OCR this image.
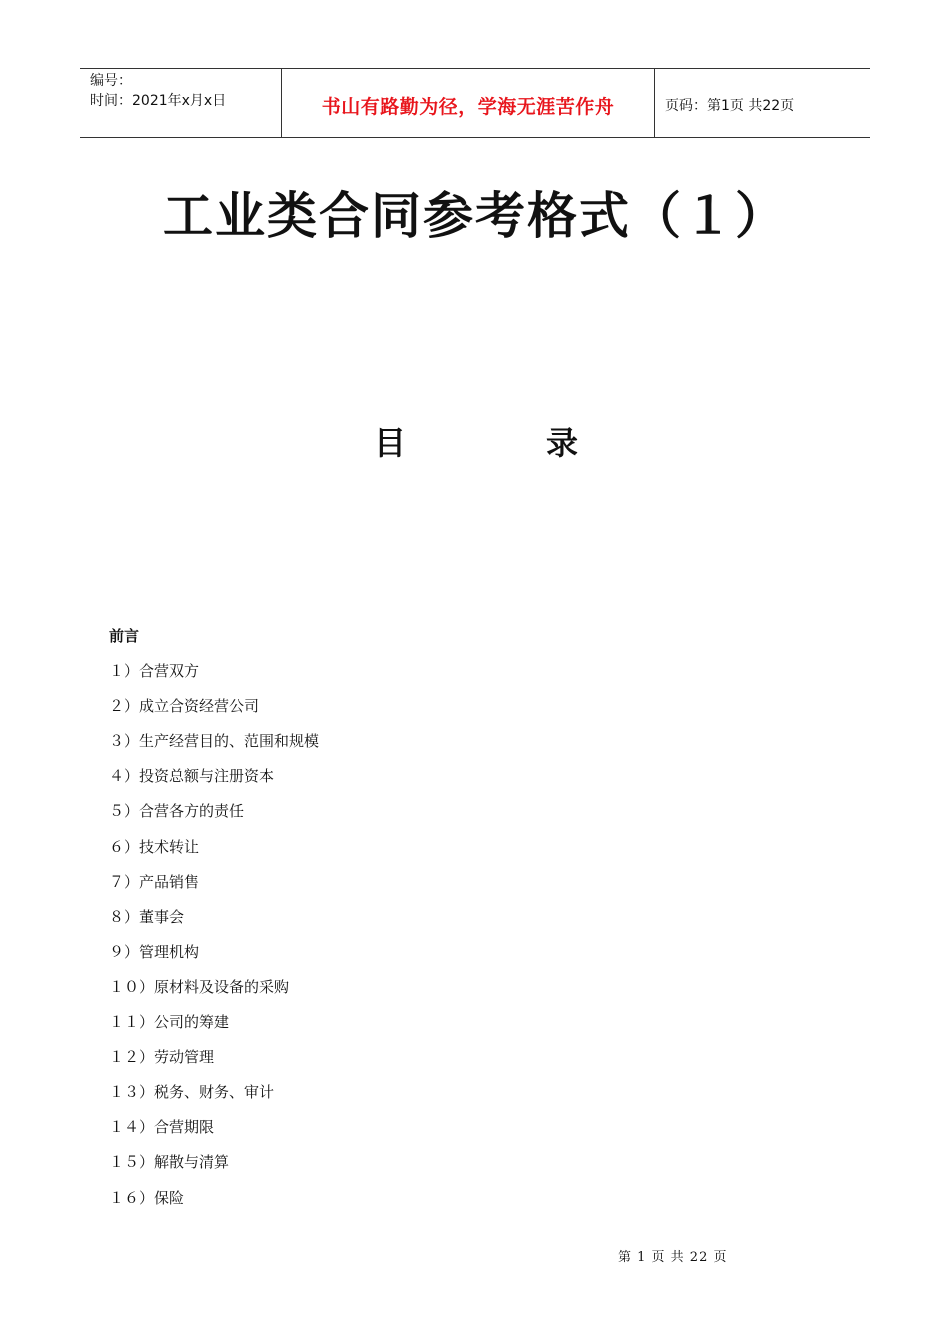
编号：
时间：2021年x月x日	书山有路勤为径，学海无涯苦作舟	页码：第1页 共22页
工业类合同参考格式（１）
目	录
前言
１）合营双方
２）成立合资经营公司
３）生产经营目的、范围和规模
４）投资总额与注册资本
５）合营各方的责任
６）技术转让
７）产品销售
８）董事会
９）管理机构
１０）原材料及设备的采购
１１）公司的筹建
１２）劳动管理
１３）税务、财务、审计
１４）合营期限
１５）解散与清算
１６）保险
第 1 页 共 22 页
